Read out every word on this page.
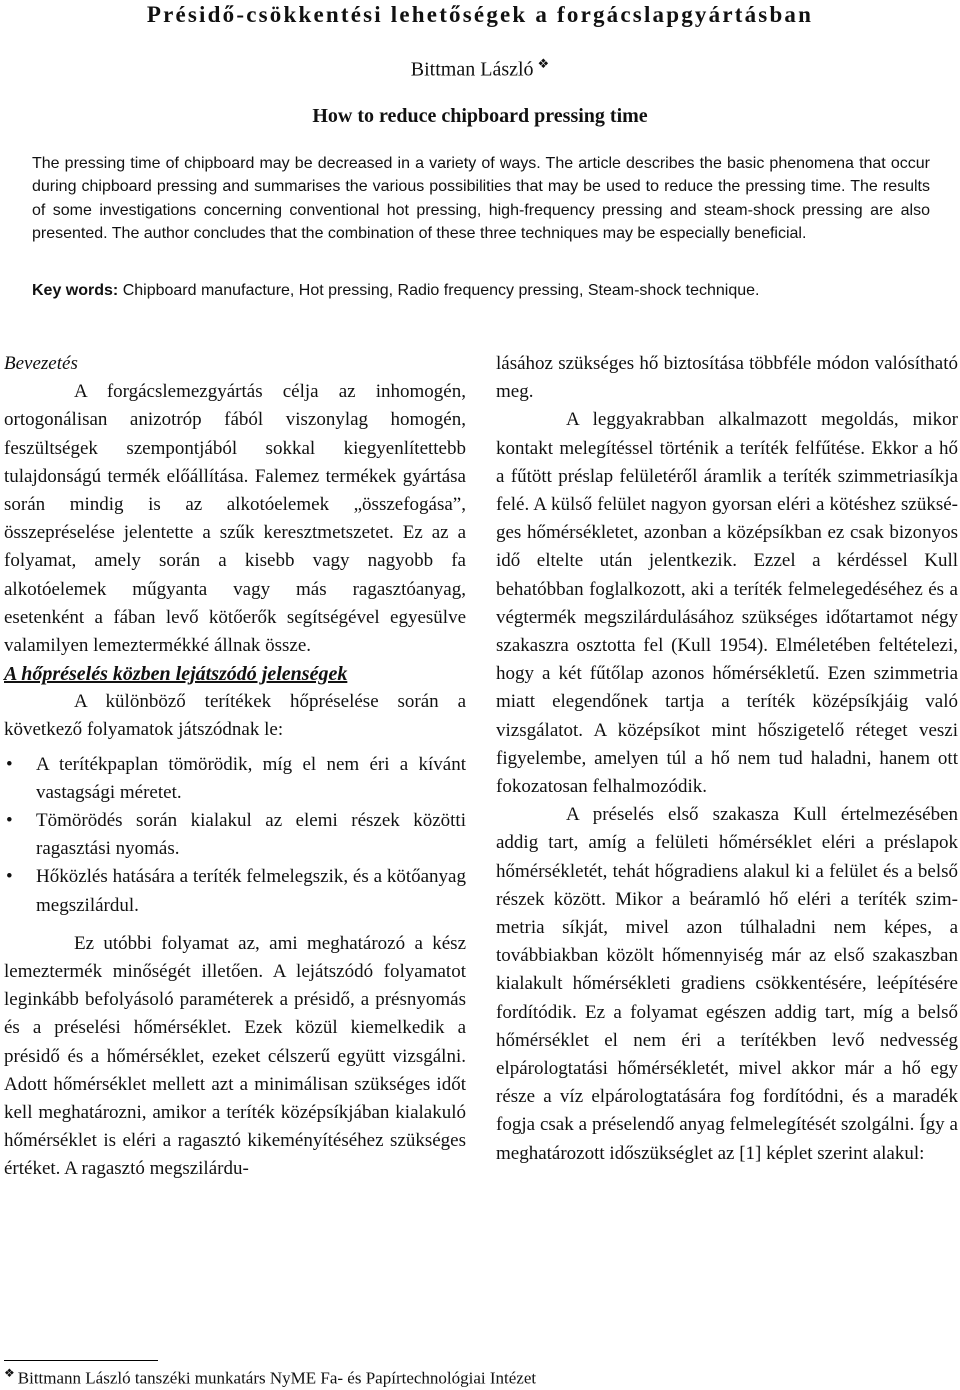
Présidő-csökkentési lehetőségek a forgácslapgyártásban
Bittman László ❖
How to reduce chipboard pressing time

The pressing time of chipboard may be decreased in a variety of ways. The article describes the basic phenomena that occur during chipboard pressing and summarises the various possibilities that may be used to reduce the pressing time. The results of some investigations concerning conventional hot pressing, high-frequency pressing and steam-shock pressing are also presented. The author concludes that the combination of these three techniques may be especially beneficial.

Key words: Chipboard manufacture, Hot pressing, Radio frequency pressing, Steam-shock technique.

Bevezetés

A forgácslemezgyártás célja az inhomogén, ortogonálisan anizotróp fából viszonylag homogén, feszültségek szempontjából sokkal kiegyenlítettebb tulajdonságú termék előállítása. Falemez termékek gyártása során mindig is az alkotóelemek „összefogása”, összepréselése jelentette a szűk keresztmetszetet. Ez az a folyamat, amely során a kisebb vagy nagyobb fa alkotóelemek műgyanta vagy más ragasztóanyag, esetenként a fában levő kötőerők segítségével egyesülve valamilyen lemeztermékké állnak össze.

A hőpréselés közben lejátszódó jelenségek

A különböző terítékek hőpréselése során a következő folyamatok játszódnak le:

• A terítékpaplan tömörödik, míg el nem éri a kívánt vastagsági méretet.
• Tömörödés során kialakul az elemi részek közötti ragasztási nyomás.
• Hőközlés hatására a teríték felmelegszik, és a kötőanyag megszilárdul.

Ez utóbbi folyamat az, ami meghatározó a kész lemeztermék minőségét illetően. A lejátszódó folyamatot leginkább befolyásoló paraméterek a présidő, a présnyomás és a préselési hőmérséklet. Ezek közül kiemelkedik a présidő és a hőmérséklet, ezeket célszerű együtt vizsgálni. Adott hőmérséklet mellett azt a minimálisan szükséges időt kell meghatározni, amikor a teríték középsíkjában kialakuló hőmérséklet is eléri a ragasztó kikeményítéséhez szükséges értéket. A ragasztó megszilárdu-

lásához szükséges hő biztosítása többféle módon valósítható meg.

A leggyakrabban alkalmazott megoldás, mikor kontakt melegítéssel történik a teríték felfűtése. Ekkor a hő a fűtött préslap felületéről áramlik a teríték szimmetriasíkja felé. A külső felület nagyon gyorsan eléri a kötéshez szükséges hőmérsékletet, azonban a középsíkban ez csak bizonyos idő eltelte után jelentkezik. Ezzel a kérdéssel Kull behatóbban foglalkozott, aki a teríték felmelegedéséhez és a végtermék megszilárdulásához szükséges időtartamot négy szakaszra osztotta fel (Kull 1954). Elméletében feltételezi, hogy a két fűtőlap azonos hőmérsékletű. Ezen szimmetria miatt elegendőnek tartja a teríték középsíkjáig való vizsgálatot. A középsíkot mint hőszigetelő réteget veszi figyelembe, amelyen túl a hő nem tud haladni, hanem ott fokozatosan felhalmozódik.

A préselés első szakasza Kull értelmezésében addig tart, amíg a felületi hőmérséklet eléri a préslapok hőmérsékletét, tehát hőgradiens alakul ki a felület és a belső részek között. Mikor a beáramló hő eléri a teríték szimmetria síkját, mivel azon túlhaladni nem képes, a továbbiakban közölt hőmennyiség már az első szakaszban kialakult hőmérsékleti gradiens csökkentésére, leépítésére fordítódik. Ez a folyamat egészen addig tart, míg a belső hőmérséklet el nem éri a terítékben levő nedvesség elpárologtatási hőmérsékletét, mivel akkor már a hő egy része a víz elpárologtatására fog fordítódni, és a maradék fogja csak a préselendő anyag felmelegítését szolgálni. Így a meghatározott időszükséglet az [1] képlet szerint alakul:

❖ Bittmann László tanszéki munkatárs NyME Fa- és Papírtechnológiai Intézet
